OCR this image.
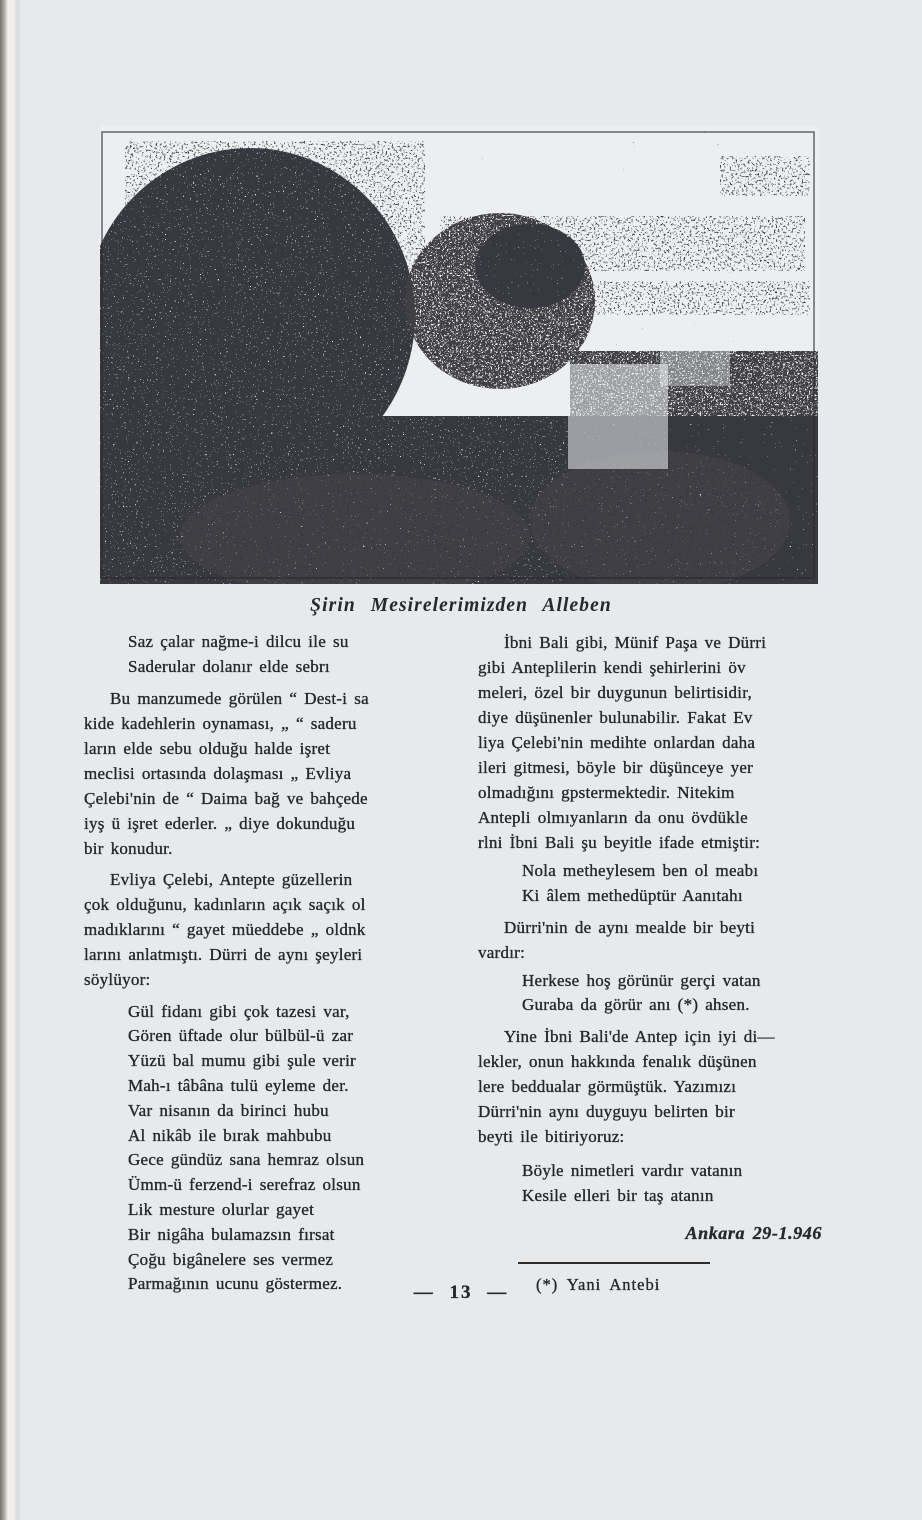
Şirin Mesirelerimizden Alleben
Saz çalar nağme-i dilcu ile su
Saderular dolanır elde sebrı
Bu manzumede görülen “ Dest-i sa
kide kadehlerin oynaması, „ “ saderu
ların elde sebu olduğu halde işret
meclisi ortasında dolaşması „ Evliya
Çelebi'nin de “ Daima bağ ve bahçede
iyş ü işret ederler. „ diye dokunduğu
bir konudur.
Evliya Çelebi, Antepte güzellerin
çok olduğunu, kadınların açık saçık ol
madıklarını “ gayet müeddebe „ oldnk
larını anlatmıştı. Dürri de aynı şeyleri
söylüyor:
Gül fidanı gibi çok tazesi var,
Gören üftade olur bülbül-ü zar
Yüzü bal mumu gibi şule verir
Mah-ı tâbâna tulü eyleme der.
Var nisanın da birinci hubu
Al nikâb ile bırak mahbubu
Gece gündüz sana hemraz olsun
Ümm-ü ferzend-i serefraz olsun
Lik mesture olurlar gayet
Bir nigâha bulamazsın fırsat
Çoğu bigânelere ses vermez
Parmağının ucunu göstermez.
İbni Bali gibi, Münif Paşa ve Dürri
gibi Anteplilerin kendi şehirlerini öv
meleri, özel bir duygunun belirtisidir,
diye düşünenler bulunabilir. Fakat Ev
liya Çelebi'nin medihte onlardan daha
ileri gitmesi, böyle bir düşünceye yer
olmadığını gpstermektedir. Nitekim
Antepli olmıyanların da onu övdükle
rlni İbni Bali şu beyitle ifade etmiştir:
Nola metheylesem ben ol meabı
Ki âlem methedüptür Aanıtahı
Dürri'nin de aynı mealde bir beyti
vardır:
Herkese hoş görünür gerçi vatan
Guraba da görür anı (*) ahsen.
Yine İbni Bali'de Antep için iyi di—
lekler, onun hakkında fenalık düşünen
lere beddualar görmüştük. Yazımızı
Dürri'nin aynı duyguyu belirten bir
beyti ile bitiriyoruz:
Böyle nimetleri vardır vatanın
Kesile elleri bir taş atanın
Ankara 29-1.946
(*) Yani Antebi
— 13 —
